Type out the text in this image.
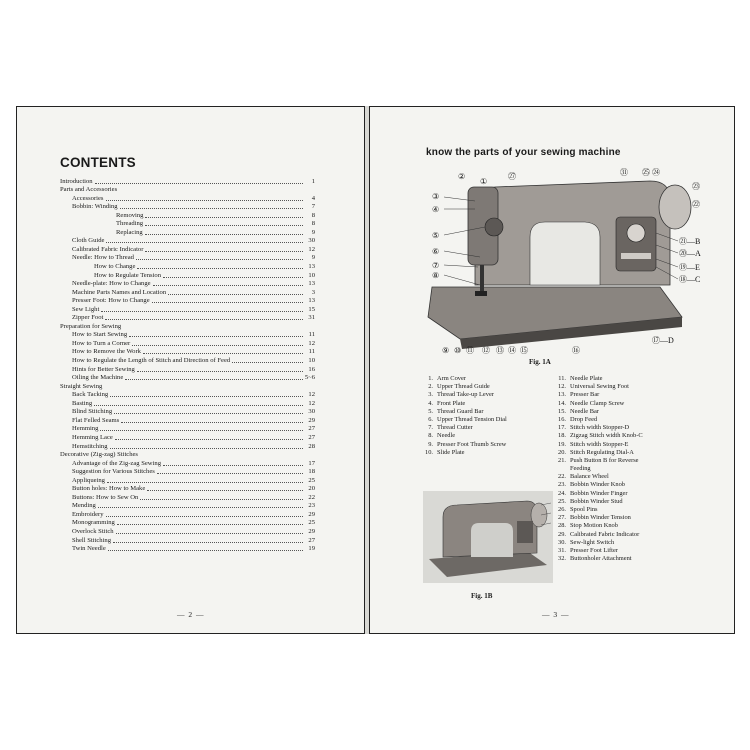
CONTENTS
Introduction	1
Parts and Accessories
Accessories	4
Bobbin: Winding	7
Removing	8
Threading	8
Replacing	9
Cloth Guide	30
Calibrated Fabric Indicator	12
Needle: How to Thread	9
How to Change	13
How to Regulate Tension	10
Needle-plate: How to Change	13
Machine Parts Names and Location	3
Presser Foot: How to Change	13
Sew Light	15
Zipper Foot	31
Preparation for Sewing
How to Start Sewing	11
How to Turn a Corner	12
How to Remove the Work	11
How to Regulate the Length of Stitch and Direction of Feed	10
Hints for Better Sewing	16
Oiling the Machine	5~6
Straight Sewing
Back Tacking	12
Basting	12
Blind Stitching	30
Flat Felled Seams	29
Hemming	27
Hemming Lace	27
Hemstitching	28
Decorative (Zig-zag) Stitches
Advantage of the Zig-zag Sewing	17
Suggestion for Various Stitches	18
Appliqueing	25
Button holes: How to Make	20
Buttons: How to Sew On	22
Mending	23
Embroidery	29
Monogramming	25
Overlock Stitch	29
Shell Stitching	27
Twin Needle	19
— 2 —
know the parts of your sewing machine
②
①
㉗	㉛ ㉕ ㉔
㉓
㉒
③
④
⑤
⑥
⑦
⑧
㉑—B
⑳—A
⑲—E
⑱—C
⑨ ⑩ ⑪ ⑫ ⑬ ⑭ ⑮	⑯
⑰—D
Fig. 1A
1. Arm Cover
2. Upper Thread Guide
3. Thread Take-up Lever
4. Front Plate
5. Thread Guard Bar
6. Upper Thread Tension Dial
7. Thread Cutter
8. Needle
9. Presser Foot Thumb Screw
10. Slide Plate
11. Needle Plate
12. Universal Sewing Foot
13. Presser Bar
14. Needle Clamp Screw
15. Needle Bar
16. Drop Feed
17. Stitch width Stopper-D
18. Zigzag Stitch width Knob-C
19. Stitch width Stopper-E
20. Stitch Regulating Dial-A
21. Push Button B for Reverse
Feeding
22. Balance Wheel
23. Bobbin Winder Knob
24. Bobbin Winder Finger
25. Bobbin Winder Stud
26. Spool Pins
27. Bobbin Winder Tension
28. Stop Motion Knob
29. Calibrated Fabric Indicator
30. Sew-light Switch
31. Presser Foot Lifter
32. Buttonholer Attachment
Fig. 1B
— 3 —
